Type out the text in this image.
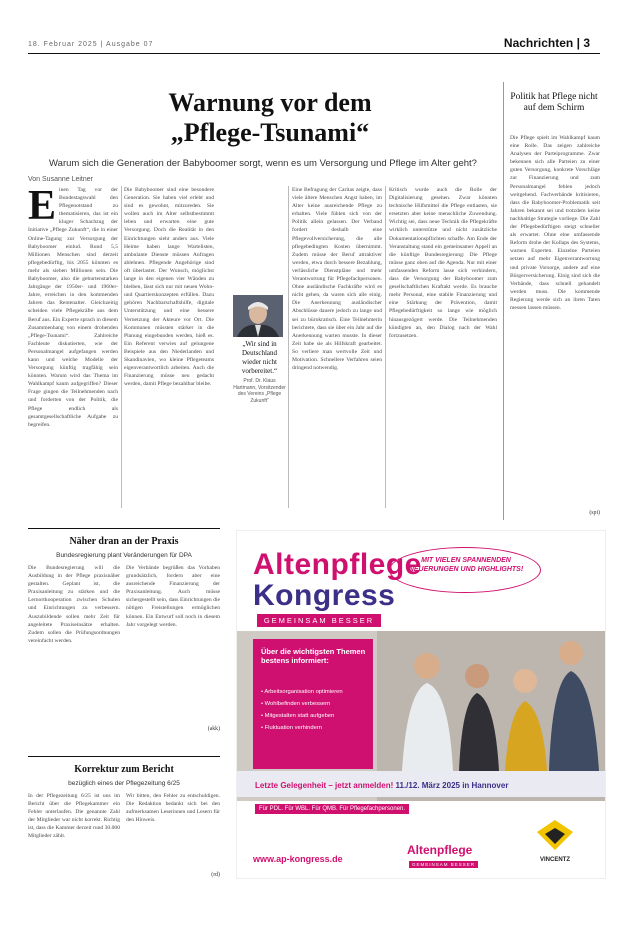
18. Februar 2025 | Ausgabe 07	Nachrichten | 3
Warnung vor dem
„Pflege-Tsunami“
Warum sich die Generation der Babyboomer sorgt, wenn es um Versorgung und Pflege im Alter geht?
Von Susanne Leitner
E inen Tag vor der Bundestagswahl den Pflegenotstand zu thematisieren, das ist ein kluger Schachzug der Initiative „Pflege Zukunft“, die in einer Online-Tagung zur Versorgung der Babyboomer einlud. Rund 5,5 Millionen Menschen sind derzeit pflegebedürftig, bis 2055 könnten es mehr als sieben Millionen sein. Die Babyboomer, also die geburtenstarken Jahrgänge der 1950er- und 1960er-Jahre, erreichen in den kommenden Jahren das Rentenalter. Gleichzeitig scheiden viele Pflegekräfte aus dem Beruf aus. Ein Experte sprach in diesem Zusammenhang von einem drohenden „Pflege-Tsunami“. Zahlreiche Fachleute diskutierten, wie der Personalmangel aufgefangen werden kann und welche Modelle der Versorgung künftig tragfähig sein könnten. Warum wird das Thema im Wahlkampf kaum aufgegriffen? Dieser Frage gingen die Teilnehmenden nach und forderten von der Politik, die Pflege endlich als gesamtgesellschaftliche Aufgabe zu begreifen.
Die Babyboomer sind eine besondere Generation. Sie haben viel erlebt und sind es gewohnt, mitzureden. Sie wollen auch im Alter selbstbestimmt leben und erwarten eine gute Versorgung. Doch die Realität in den Einrichtungen sieht anders aus. Viele Heime haben lange Wartelisten, ambulante Dienste müssen Anfragen ablehnen. Pflegende Angehörige sind oft überlastet. Der Wunsch, möglichst lange in den eigenen vier Wänden zu bleiben, lässt sich nur mit neuen Wohn- und Quartierskonzepten erfüllen. Dazu gehören Nachbarschaftshilfe, digitale Unterstützung und eine bessere Vernetzung der Akteure vor Ort. Die Kommunen müssten stärker in die Planung eingebunden werden, hieß es. Ein Referent verwies auf gelungene Beispiele aus den Niederlanden und Skandinavien, wo kleine Pflegeteams eigenverantwortlich arbeiten. Auch die Finanzierung müsse neu gedacht werden, damit Pflege bezahlbar bleibe.
„Wir sind in Deutschland wieder nicht vorbereitet.“
Prof. Dr. Klaus Hartmann, Vorsitzender des Vereins „Pflege Zukunft“
Eine Befragung der Caritas zeigte, dass viele ältere Menschen Angst haben, im Alter keine ausreichende Pflege zu erhalten. Viele fühlen sich von der Politik allein gelassen. Der Verband fordert deshalb eine Pflegevollversicherung, die alle pflegebedingten Kosten übernimmt. Zudem müsse der Beruf attraktiver werden, etwa durch bessere Bezahlung, verlässliche Dienstpläne und mehr Verantwortung für Pflegefachpersonen. Ohne ausländische Fachkräfte wird es nicht gehen, da waren sich alle einig. Die Anerkennung ausländischer Abschlüsse dauere jedoch zu lange und sei zu bürokratisch. Eine Teilnehmerin berichtete, dass sie über ein Jahr auf die Anerkennung warten musste. In dieser Zeit habe sie als Hilfskraft gearbeitet. So verliere man wertvolle Zeit und Motivation. Schnellere Verfahren seien dringend notwendig.
Kritisch wurde auch die Rolle der Digitalisierung gesehen. Zwar könnten technische Hilfsmittel die Pflege entlasten, sie ersetzten aber keine menschliche Zuwendung. Wichtig sei, dass neue Technik die Pflegekräfte wirklich unterstütze und nicht zusätzliche Dokumentationspflichten schaffe. Am Ende der Veranstaltung stand ein gemeinsamer Appell an die künftige Bundesregierung: Die Pflege müsse ganz oben auf die Agenda. Nur mit einer umfassenden Reform lasse sich verhindern, dass die Versorgung der Babyboomer zum gesellschaftlichen Kraftakt werde. Es brauche mehr Personal, eine stabile Finanzierung und eine Stärkung der Prävention, damit Pflegebedürftigkeit so lange wie möglich hinausgezögert werde. Die Teilnehmenden kündigten an, den Dialog nach der Wahl fortzusetzen.
Politik hat Pflege nicht auf dem Schirm
Die Pflege spielt im Wahlkampf kaum eine Rolle. Das zeigen zahlreiche Analysen der Parteiprogramme. Zwar bekennen sich alle Parteien zu einer guten Versorgung, konkrete Vorschläge zur Finanzierung und zum Personalmangel fehlen jedoch weitgehend. Fachverbände kritisieren, dass die Babyboomer-Problematik seit Jahren bekannt sei und trotzdem keine nachhaltige Strategie vorliege. Die Zahl der Pflegebedürftigen steigt schneller als erwartet. Ohne eine umfassende Reform drohe der Kollaps des Systems, warnen Experten. Einzelne Parteien setzen auf mehr Eigenverantwortung und private Vorsorge, andere auf eine Bürgerversicherung. Einig sind sich die Verbände, dass schnell gehandelt werden muss. Die kommende Regierung werde sich an ihren Taten messen lassen müssen.
(spi)
Näher dran an der Praxis
Bundesregierung plant Veränderungen für DPA
Die Bundesregierung will die Ausbildung in der Pflege praxisnäher gestalten. Geplant ist, die Praxisanleitung zu stärken und die Lernortkooperation zwischen Schulen und Einrichtungen zu verbessern. Auszubildende sollen mehr Zeit für angeleitete Praxiseinsätze erhalten. Zudem sollen die Prüfungsordnungen vereinfacht werden.
Die Verbände begrüßen das Vorhaben grundsätzlich, fordern aber eine ausreichende Finanzierung der Praxisanleitung. Auch müsse sichergestellt sein, dass Einrichtungen die nötigen Freistellungen ermöglichen können. Ein Entwurf soll noch in diesem Jahr vorgelegt werden.
(akk)
Korrektur zum Bericht
bezüglich eines der Pflegezeitung 6/25
In der Pflegezeitung 6/25 ist uns im Bericht über die Pflegekammer ein Fehler unterlaufen. Die genannte Zahl der Mitglieder war nicht korrekt. Richtig ist, dass die Kammer derzeit rund 30.000 Mitglieder zählt.
Wir bitten, den Fehler zu entschuldigen. Die Redaktion bedankt sich bei den aufmerksamen Leserinnen und Lesern für den Hinweis.
(rd)
Altenpflege
Kongress
GEMEINSAM BESSER
MIT VIELEN SPANNENDEN NEUERUNGEN UND HIGHLIGHTS!
Über die wichtigsten Themen bestens informiert:
• Arbeitsorganisation optimieren
• Wohlbefinden verbessern
• Mitgestalten statt aufgeben
• Fluktuation verhindern
Letzte Gelegenheit – jetzt anmelden! 11./12. März 2025 in Hannover
Für PDL. Für WBL. Für QMB. Für Pflegefachpersonen.
www.ap-kongress.de
Altenpflege
GEMEINSAM BESSER
VINCENTZ
